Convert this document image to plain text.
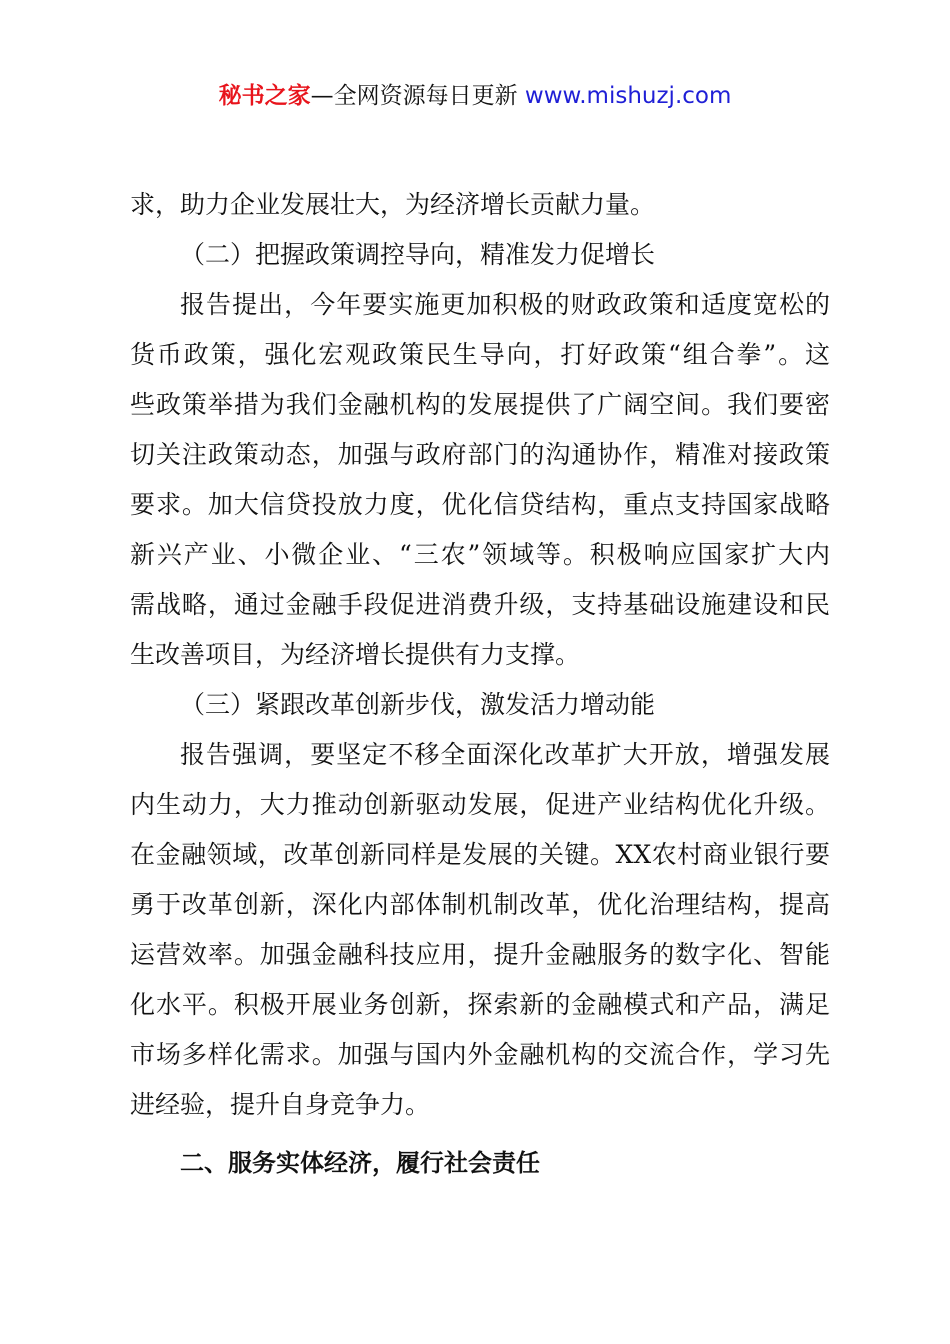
秘书之家—全网资源每日更新 www.mishuzj.com
求，助力企业发展壮大，为经济增长贡献力量。
（二）把握政策调控导向，精准发力促增长
报告提出，今年要实施更加积极的财政政策和适度宽松的
货币政策，强化宏观政策民生导向，打好政策“组合拳”。这
些政策举措为我们金融机构的发展提供了广阔空间。我们要密
切关注政策动态，加强与政府部门的沟通协作，精准对接政策
要求。加大信贷投放力度，优化信贷结构，重点支持国家战略
新兴产业、小微企业、“三农”领域等。积极响应国家扩大内
需战略，通过金融手段促进消费升级，支持基础设施建设和民
生改善项目，为经济增长提供有力支撑。
（三）紧跟改革创新步伐，激发活力增动能
报告强调，要坚定不移全面深化改革扩大开放，增强发展
内生动力，大力推动创新驱动发展，促进产业结构优化升级。
在金融领域，改革创新同样是发展的关键。XX农村商业银行要
勇于改革创新，深化内部体制机制改革，优化治理结构，提高
运营效率。加强金融科技应用，提升金融服务的数字化、智能
化水平。积极开展业务创新，探索新的金融模式和产品，满足
市场多样化需求。加强与国内外金融机构的交流合作，学习先
进经验，提升自身竞争力。
二、服务实体经济，履行社会责任
